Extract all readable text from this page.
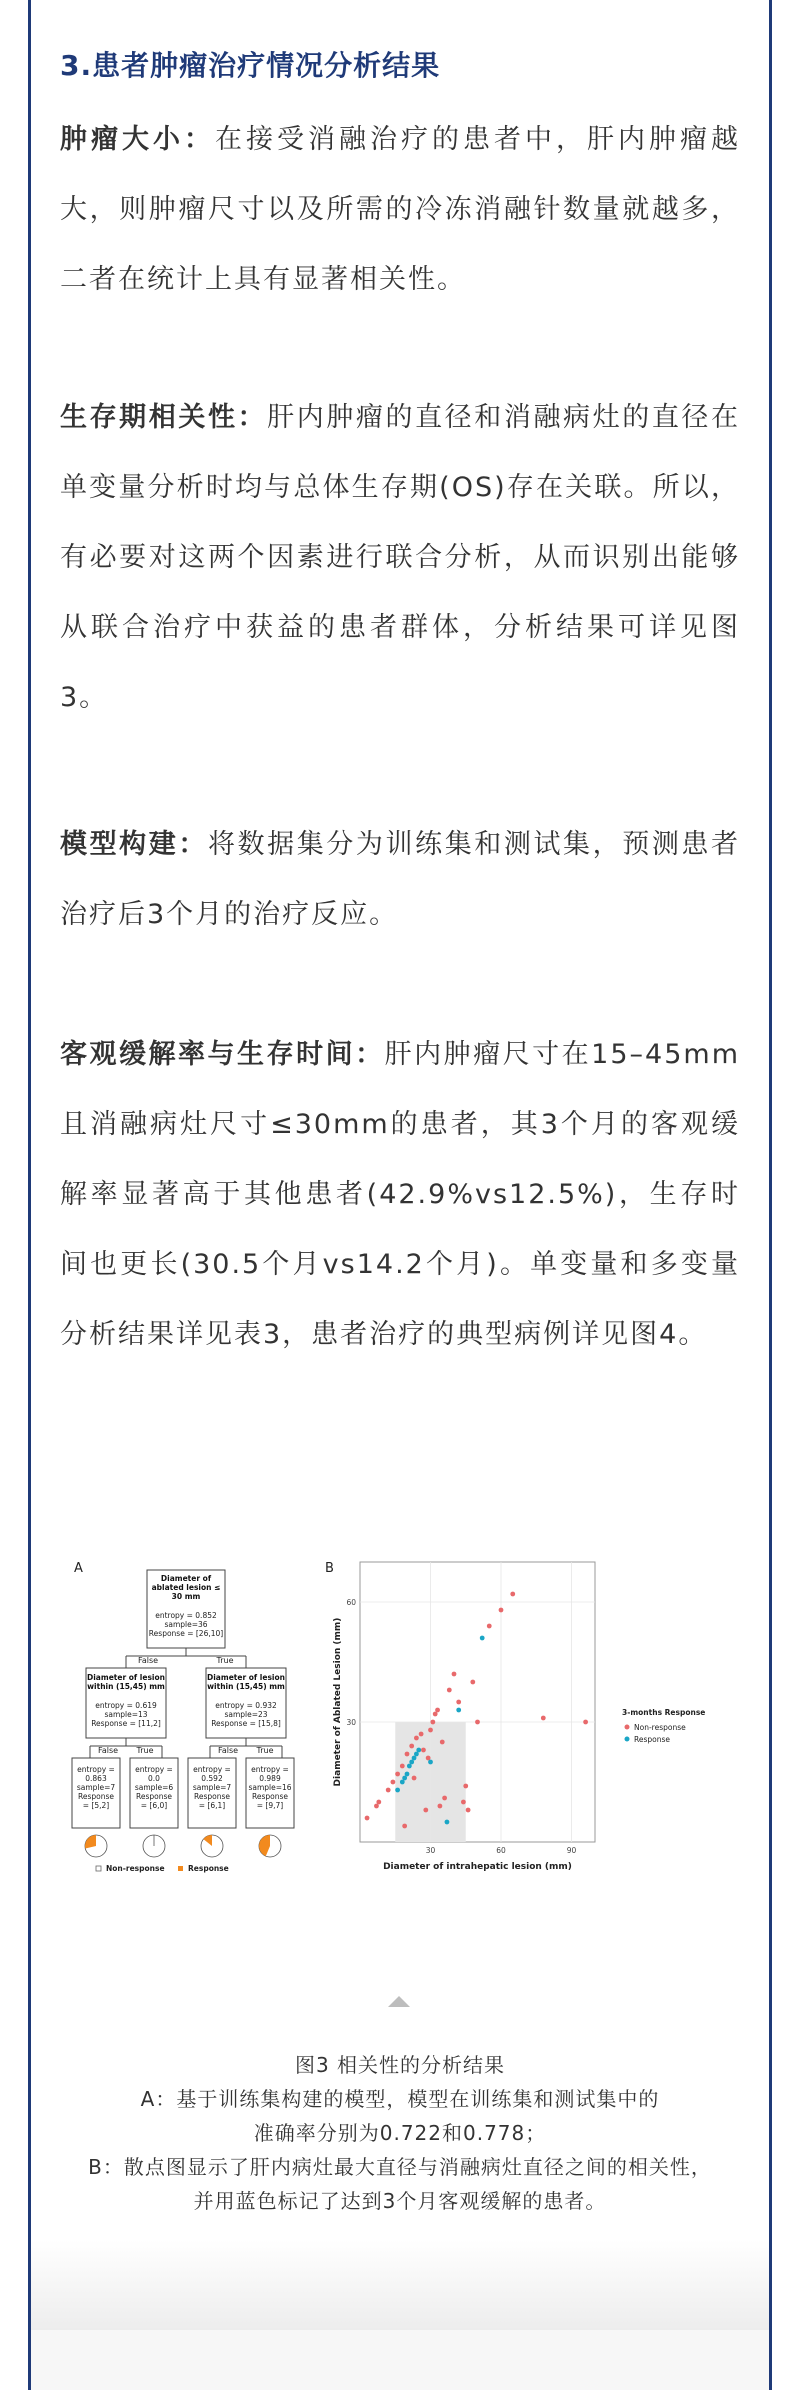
3.患者肿瘤治疗情况分析结果

肿瘤大小：在接受消融治疗的患者中，肝内肿瘤越大，则肿瘤尺寸以及所需的冷冻消融针数量就越多，二者在统计上具有显著相关性。

生存期相关性：肝内肿瘤的直径和消融病灶的直径在单变量分析时均与总体生存期(OS)存在关联。所以，有必要对这两个因素进行联合分析，从而识别出能够从联合治疗中获益的患者群体，分析结果可详见图3。

模型构建：将数据集分为训练集和测试集，预测患者治疗后3个月的治疗反应。

客观缓解率与生存时间：肝内肿瘤尺寸在15–45mm且消融病灶尺寸≤30mm的患者，其3个月的客观缓解率显著高于其他患者(42.9%vs12.5%)，生存时间也更长(30.5个月vs14.2个月)。单变量和多变量分析结果详见表3，患者治疗的典型病例详见图4。

A
Diameter of
ablated lesion ≤
30 mm
entropy = 0.852
sample=36
Response = [26,10]
False	True
Diameter of lesion
within (15,45) mm
entropy = 0.619
sample=13
Response = [11,2]
Diameter of lesion
within (15,45) mm
entropy = 0.932
sample=23
Response = [15,8]
False True	False True
entropy =
0.863
sample=7
Response
= [5,2]
entropy =
0.0
sample=6
Response
= [6,0]
entropy =
0.592
sample=7
Response
= [6,1]
entropy =
0.989
sample=16
Response
= [9,7]
Non-response	Response
B
30	60	90
30
60
Diameter of intrahepatic lesion (mm)
Diameter of Ablated Lesion (mm)	3-months Response
Non-response
Response

图3 相关性的分析结果

A：基于训练集构建的模型，模型在训练集和测试集中的

准确率分别为0.722和0.778；

B：散点图显示了肝内病灶最大直径与消融病灶直径之间的相关性，

并用蓝色标记了达到3个月客观缓解的患者。
